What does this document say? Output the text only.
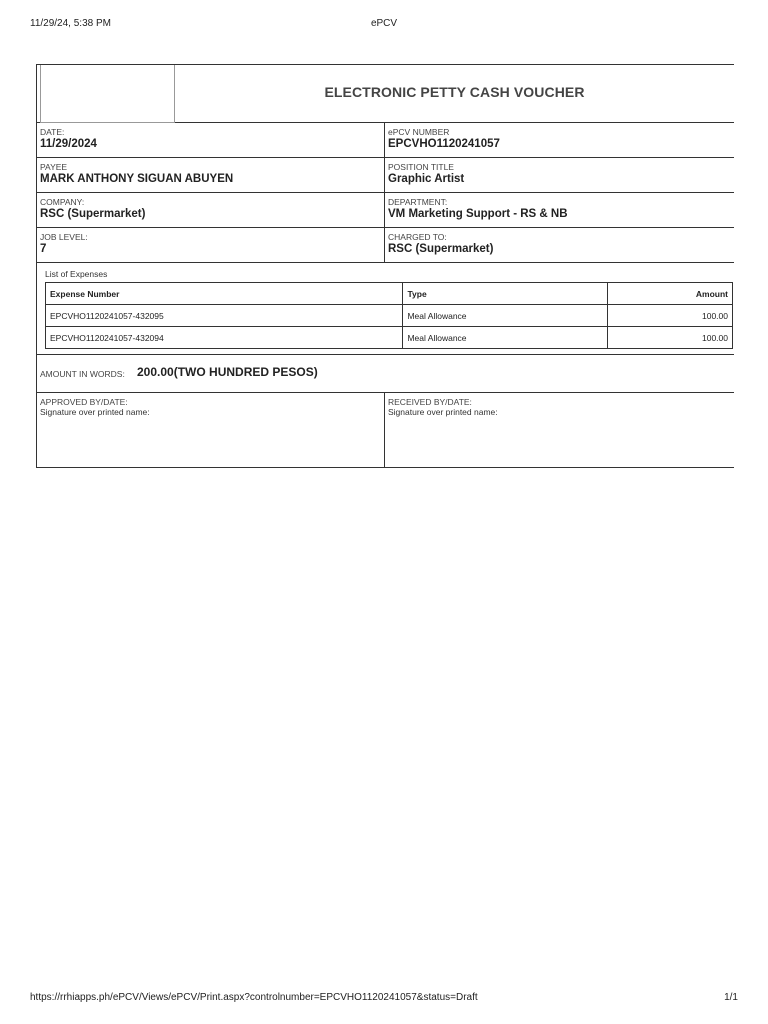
11/29/24, 5:38 PM	ePCV
ELECTRONIC PETTY CASH VOUCHER
DATE:
11/29/2024
ePCV NUMBER
EPCVHO1120241057
PAYEE
MARK ANTHONY SIGUAN ABUYEN
POSITION TITLE
Graphic Artist
COMPANY:
RSC (Supermarket)
DEPARTMENT:
VM Marketing Support - RS & NB
JOB LEVEL:
7
CHARGED TO:
RSC (Supermarket)
List of Expenses
Expense Number	Type	Amount
EPCVHO1120241057-432095	Meal Allowance	100.00
EPCVHO1120241057-432094	Meal Allowance	100.00
AMOUNT IN WORDS: 200.00(TWO HUNDRED PESOS)
APPROVED BY/DATE:
Signature over printed name:
RECEIVED BY/DATE:
Signature over printed name:
https://rrhiapps.ph/ePCV/Views/ePCV/Print.aspx?controlnumber=EPCVHO1120241057&status=Draft	1/1
